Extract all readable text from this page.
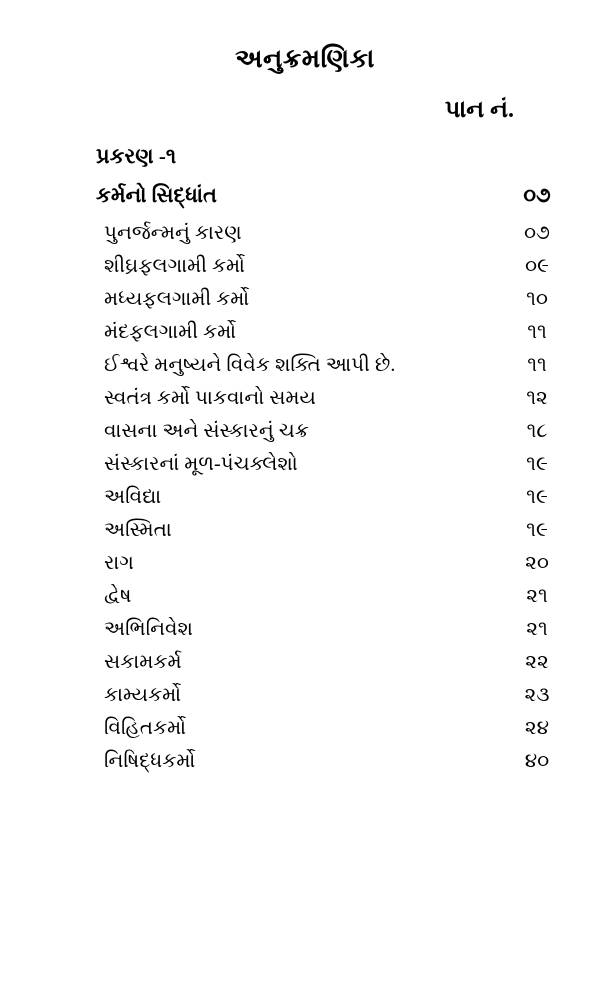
અનુક્રમણિકા
પાન નં.
પ્રકરણ -૧
કર્મનો સિદ્ધાંત	૦૭
પુનર્જન્મનું કારણ	૦૭
શીઘ્રફલગામી કર્મો	૦૯
મધ્યફલગામી કર્મો	૧૦
મંદફલગામી કર્મો	૧૧
ઈશ્વરે મનુષ્યને વિવેક શક્તિ આપી છે.	૧૧
સ્વતંત્ર કર્મો પાકવાનો સમય	૧૨
વાસના અને સંસ્કારનું ચક્ર	૧૮
સંસ્કારનાં મૂળ-પંચક્લેશો	૧૯
અવિદ્યા	૧૯
અસ્મિતા	૧૯
રાગ	૨૦
દ્વેષ	૨૧
અભિનિવેશ	૨૧
સકામકર્મ	૨૨
કામ્યકર્મો	૨૩
વિહિતકર્મો	૨૪
નિષિદ્ધકર્મો	૪૦
